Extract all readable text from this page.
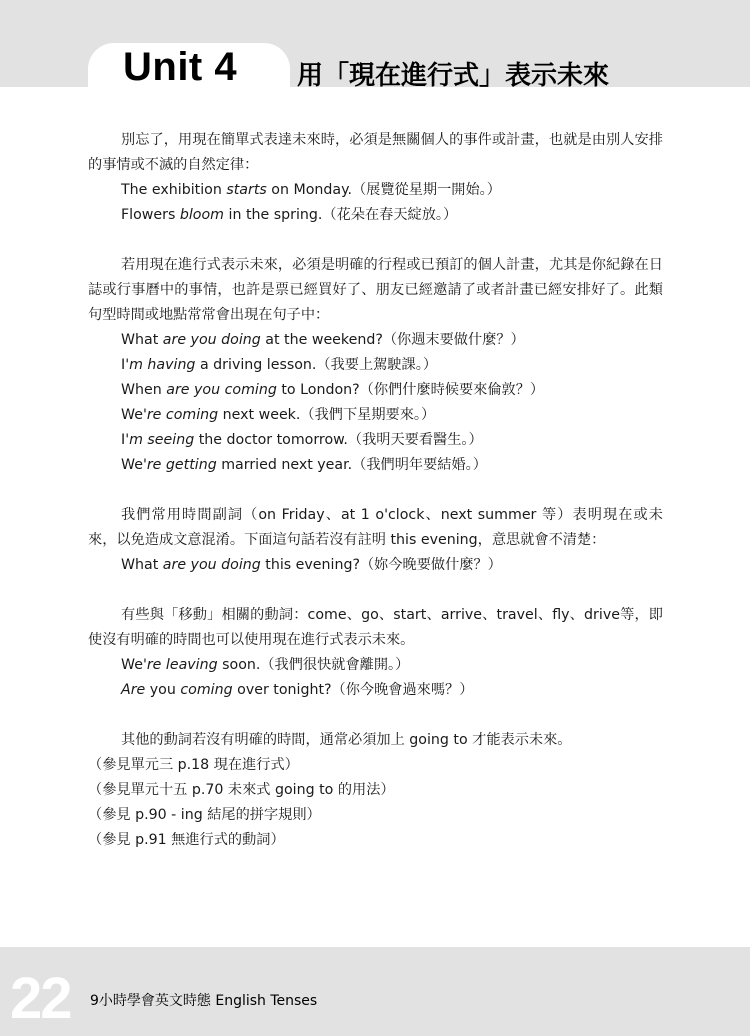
Unit 4 用「現在進行式」表示未來

別忘了，用現在簡單式表達未來時，必須是無關個人的事件或計畫，也就是由別人安排的事情或不滅的自然定律：

The exhibition starts on Monday.（展覽從星期一開始。）

Flowers bloom in the spring.（花朵在春天綻放。）

若用現在進行式表示未來，必須是明確的行程或已預訂的個人計畫，尤其是你紀錄在日誌或行事曆中的事情，也許是票已經買好了、朋友已經邀請了或者計畫已經安排好了。此類句型時間或地點常常會出現在句子中：

What are you doing at the weekend?（你週末要做什麼？）

I'm having a driving lesson.（我要上駕駛課。）

When are you coming to London?（你們什麼時候要來倫敦？）

We're coming next week.（我們下星期要來。）

I'm seeing the doctor tomorrow.（我明天要看醫生。）

We're getting married next year.（我們明年要結婚。）

我們常用時間副詞（on Friday、at 1 o'clock、next summer 等）表明現在或未來，以免造成文意混淆。下面這句話若沒有註明 this evening，意思就會不清楚：

What are you doing this evening?（妳今晚要做什麼？）

有些與「移動」相關的動詞：come、go、start、arrive、travel、fly、drive等，即使沒有明確的時間也可以使用現在進行式表示未來。

We're leaving soon.（我們很快就會離開。）

Are you coming over tonight?（你今晚會過來嗎？）

其他的動詞若沒有明確的時間，通常必須加上 going to 才能表示未來。

（參見單元三 p.18 現在進行式）

（參見單元十五 p.70 未來式 going to 的用法）

（參見 p.90 - ing 結尾的拼字規則）

（參見 p.91 無進行式的動詞）

22 9小時學會英文時態 English Tenses
